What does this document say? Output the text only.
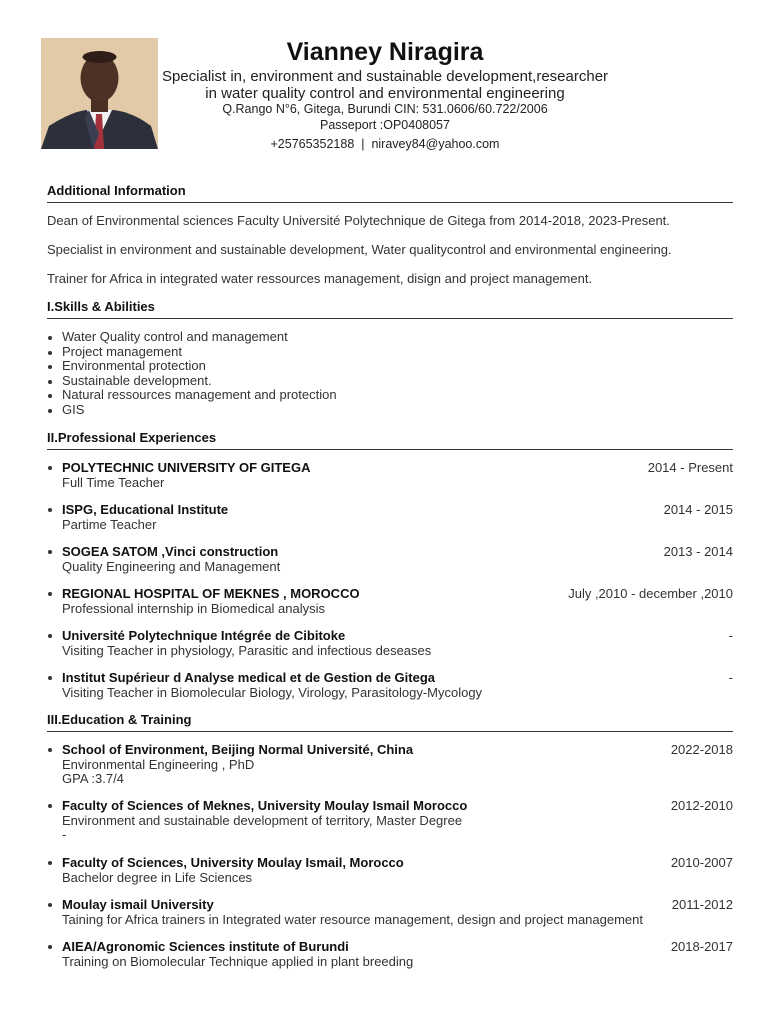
Vianney Niragira

Specialist in, environment and sustainable development,researcher in water quality control and environmental engineering

Q.Rango N°6, Gitega, Burundi CIN: 531.0606/60.722/2006

Passeport :OP0408057

+25765352188 | niravey84@yahoo.com

Additional Information
Dean of Environmental sciences Faculty Université Polytechnique de Gitega from 2014-2018, 2023-Present.
Specialist in environment and sustainable development, Water qualitycontrol and environmental engineering.
Trainer for Africa in integrated water ressources management, disign and project management.
I.Skills & Abilities
Water Quality control and management
Project management
Environmental protection
Sustainable development.
Natural ressources management and protection
GIS
II.Professional Experiences
POLYTECHNIC UNIVERSITY OF GITEGA
Full Time Teacher
2014 - Present
ISPG, Educational Institute
Partime Teacher
2014 - 2015
SOGEA SATOM ,Vinci construction
Quality Engineering and Management
2013 - 2014
REGIONAL HOSPITAL OF MEKNES , MOROCCO
Professional internship in Biomedical analysis
July ,2010 - december ,2010
Université Polytechnique Intégrée de Cibitoke
Visiting Teacher in physiology, Parasitic and infectious deseases
-
Institut Supérieur d Analyse medical et de Gestion de Gitega
Visiting Teacher in Biomolecular Biology, Virology, Parasitology-Mycology
-
III.Education & Training
School of Environment, Beijing Normal Université, China
Environmental Engineering , PhD
GPA :3.7/4
2022-2018
Faculty of Sciences of Meknes, University Moulay Ismail Morocco
Environment and sustainable development of territory, Master Degree
-
2012-2010
Faculty of Sciences, University Moulay Ismail, Morocco
Bachelor degree in Life Sciences
2010-2007
Moulay ismail University
Taining for Africa trainers in Integrated water resource management, design and project management
2011-2012
AIEA/Agronomic Sciences institute of Burundi
Training on Biomolecular Technique applied in plant breeding
2018-2017
